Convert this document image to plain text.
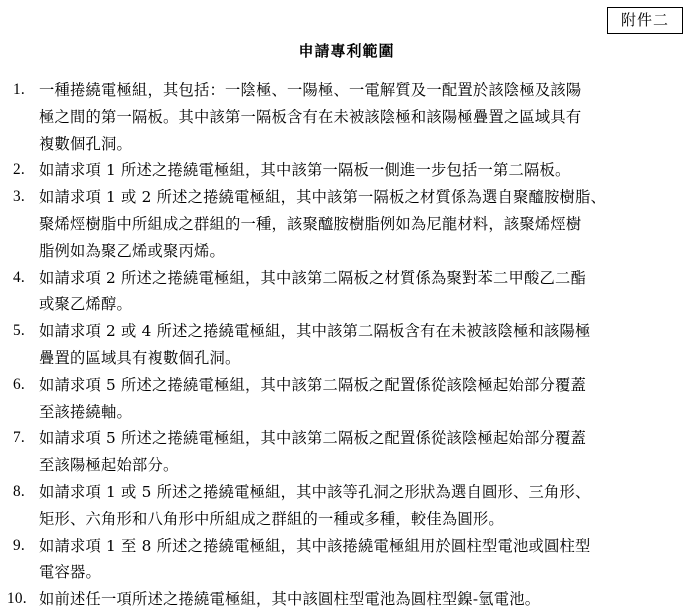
附件二
申請專利範圍
1. 一種捲繞電極組，其包括：一陰極、一陽極、一電解質及一配置於該陰極及該陽
極之間的第一隔板。其中該第一隔板含有在未被該陰極和該陽極疊置之區域具有
複數個孔洞。
2. 如請求項 1 所述之捲繞電極組，其中該第一隔板一側進一步包括一第二隔板。
3. 如請求項 1 或 2 所述之捲繞電極組，其中該第一隔板之材質係為選自聚醯胺樹脂、
聚烯烴樹脂中所組成之群組的一種，該聚醯胺樹脂例如為尼龍材料，該聚烯烴樹
脂例如為聚乙烯或聚丙烯。
4. 如請求項 2 所述之捲繞電極組，其中該第二隔板之材質係為聚對苯二甲酸乙二酯
或聚乙烯醇。
5. 如請求項 2 或 4 所述之捲繞電極組，其中該第二隔板含有在未被該陰極和該陽極
疊置的區域具有複數個孔洞。
6. 如請求項 5 所述之捲繞電極組，其中該第二隔板之配置係從該陰極起始部分覆蓋
至該捲繞軸。
7. 如請求項 5 所述之捲繞電極組，其中該第二隔板之配置係從該陰極起始部分覆蓋
至該陽極起始部分。
8. 如請求項 1 或 5 所述之捲繞電極組，其中該等孔洞之形狀為選自圓形、三角形、
矩形、六角形和八角形中所組成之群組的一種或多種，較佳為圓形。
9. 如請求項 1 至 8 所述之捲繞電極組，其中該捲繞電極組用於圓柱型電池或圓柱型
電容器。
10. 如前述任一項所述之捲繞電極組，其中該圓柱型電池為圓柱型鎳-氫電池。
